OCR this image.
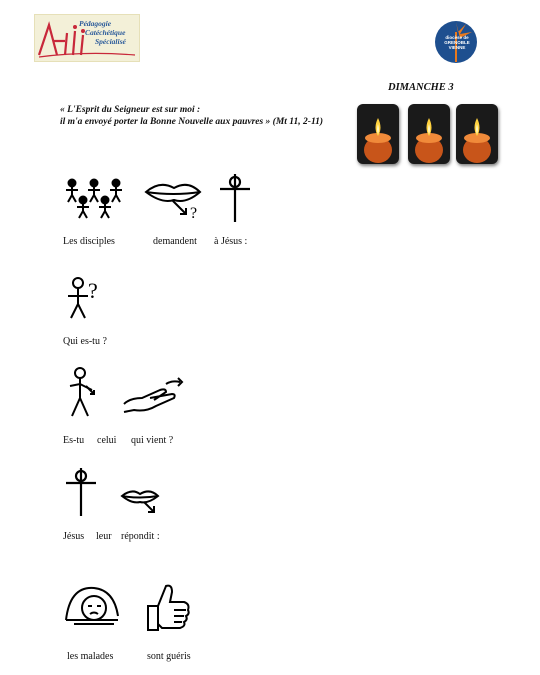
Pédagogie
Catéchétique
Spécialisé	diocèse de GRENOBLE VIENNE
DIMANCHE 3
« L'Esprit du Seigneur est sur moi :
il m'a envoyé porter la Bonne Nouvelle aux pauvres » (Mt 11, 2-11)
?
Les disciples	demandent à Jésus :
?
Qui es-tu ?
Es-tu celui qui vient ?
Jésus leur répondit :
les malades	sont guéris
